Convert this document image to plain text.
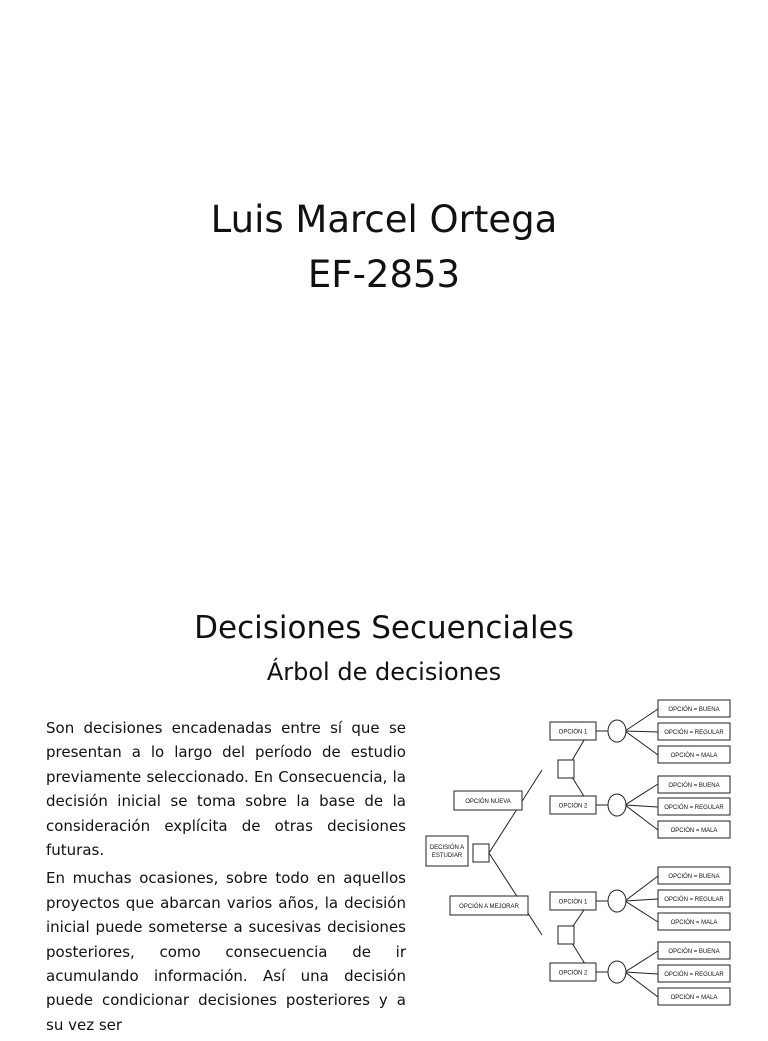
Luis Marcel Ortega
EF-2853
Decisiones Secuenciales
Árbol de decisiones

Son decisiones encadenadas entre sí que se presentan a lo largo del período de estudio previamente seleccionado. En Consecuencia, la decisión inicial se toma sobre la base de la consideración explícita de otras decisiones futuras.

En muchas ocasiones, sobre todo en aquellos proyectos que abarcan varios años, la decisión inicial puede someterse a sucesivas decisiones posteriores, como consecuencia de ir acumulando información. Así una decisión puede condicionar decisiones posteriores y a su vez ser

DECISIÓN A
ESTUDIAR
OPCIÓN NUEVA
OPCIÓN A MEJORAR
OPCIÓN 1
OPCIÓN 2
OPCIÓN 1
OPCIÓN 2
OPCIÓN = BUENA
OPCIÓN = REGULAR
OPCIÓN = MALA
OPCIÓN = BUENA
OPCIÓN = REGULAR
OPCIÓN = MALA
OPCIÓN = BUENA
OPCIÓN = REGULAR
OPCIÓN = MALA
OPCIÓN = BUENA
OPCIÓN = REGULAR
OPCIÓN = MALA
